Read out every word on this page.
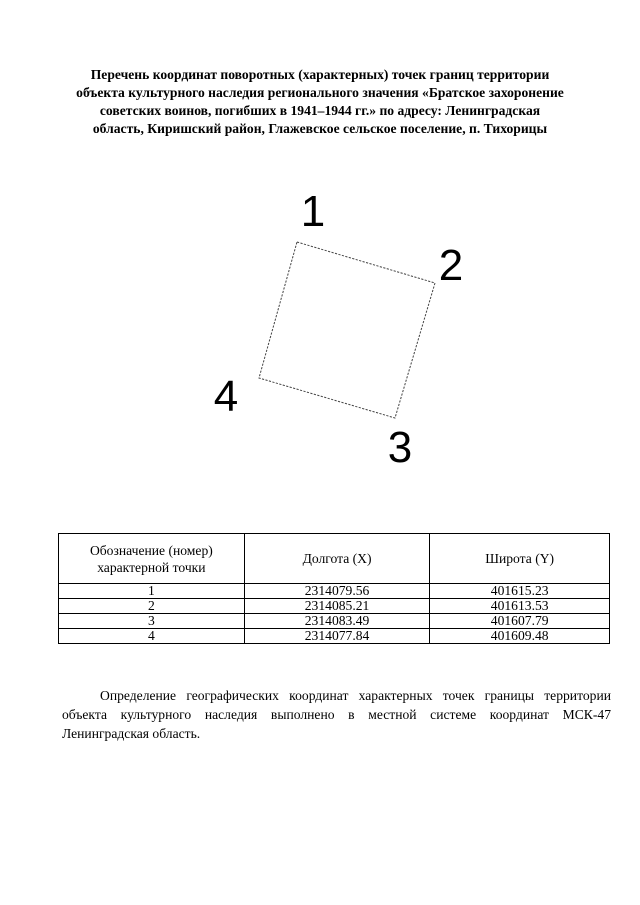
Перечень координат поворотных (характерных) точек границ территории
объекта культурного наследия регионального значения «Братское захоронение
советских воинов, погибших в 1941–1944 гг.» по адресу: Ленинградская
область, Киришский район, Глажевское сельское поселение, п. Тихорицы
1
2
3
4
Обозначение (номер) характерной точки	Долгота (X)	Широта (Y)
1	2314079.56	401615.23
2	2314085.21	401613.53
3	2314083.49	401607.79
4	2314077.84	401609.48

Определение географических координат характерных точек границы территории объекта культурного наследия выполнено в местной системе координат МСК-47 Ленинградская область.
